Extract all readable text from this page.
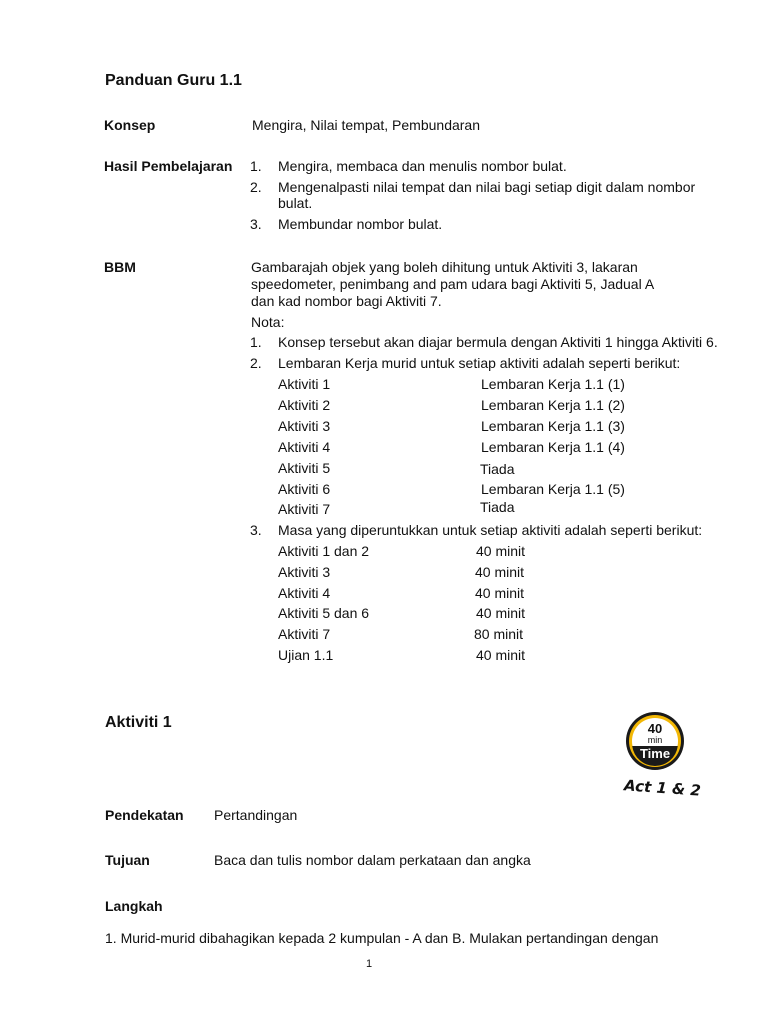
Panduan Guru 1.1
Konsep	Mengira, Nilai tempat, Pembundaran
Hasil Pembelajaran 1. Mengira, membaca dan menulis nombor bulat.
2. Mengenalpasti nilai tempat dan nilai bagi setiap digit dalam nombor
bulat.
3. Membundar nombor bulat.
BBM	Gambarajah objek yang boleh dihitung untuk Aktiviti 3, lakaran
speedometer, penimbang and pam udara bagi Aktiviti 5, Jadual A
dan kad nombor bagi Aktiviti 7.
Nota:
1. Konsep tersebut akan diajar bermula dengan Aktiviti 1 hingga Aktiviti 6.
2. Lembaran Kerja murid untuk setiap aktiviti adalah seperti berikut:
Aktiviti 1	Lembaran Kerja 1.1 (1)
Aktiviti 2	Lembaran Kerja 1.1 (2)
Aktiviti 3	Lembaran Kerja 1.1 (3)
Aktiviti 4	Lembaran Kerja 1.1 (4)
Aktiviti 5	Tiada
Aktiviti 6	Lembaran Kerja 1.1 (5)
Aktiviti 7	Tiada
3. Masa yang diperuntukkan untuk setiap aktiviti adalah seperti berikut:
Aktiviti 1 dan 2	40 minit
Aktiviti 3	40 minit
Aktiviti 4	40 minit
Aktiviti 5 dan 6	40 minit
Aktiviti 7	80 minit
Ujian 1.1	40 minit
Aktiviti 1	40
min
Time
Act 1 & 2
Pendekatan Pertandingan
Tujuan	Baca dan tulis nombor dalam perkataan dan angka
Langkah
1. Murid-murid dibahagikan kepada 2 kumpulan - A dan B. Mulakan pertandingan dengan
1
